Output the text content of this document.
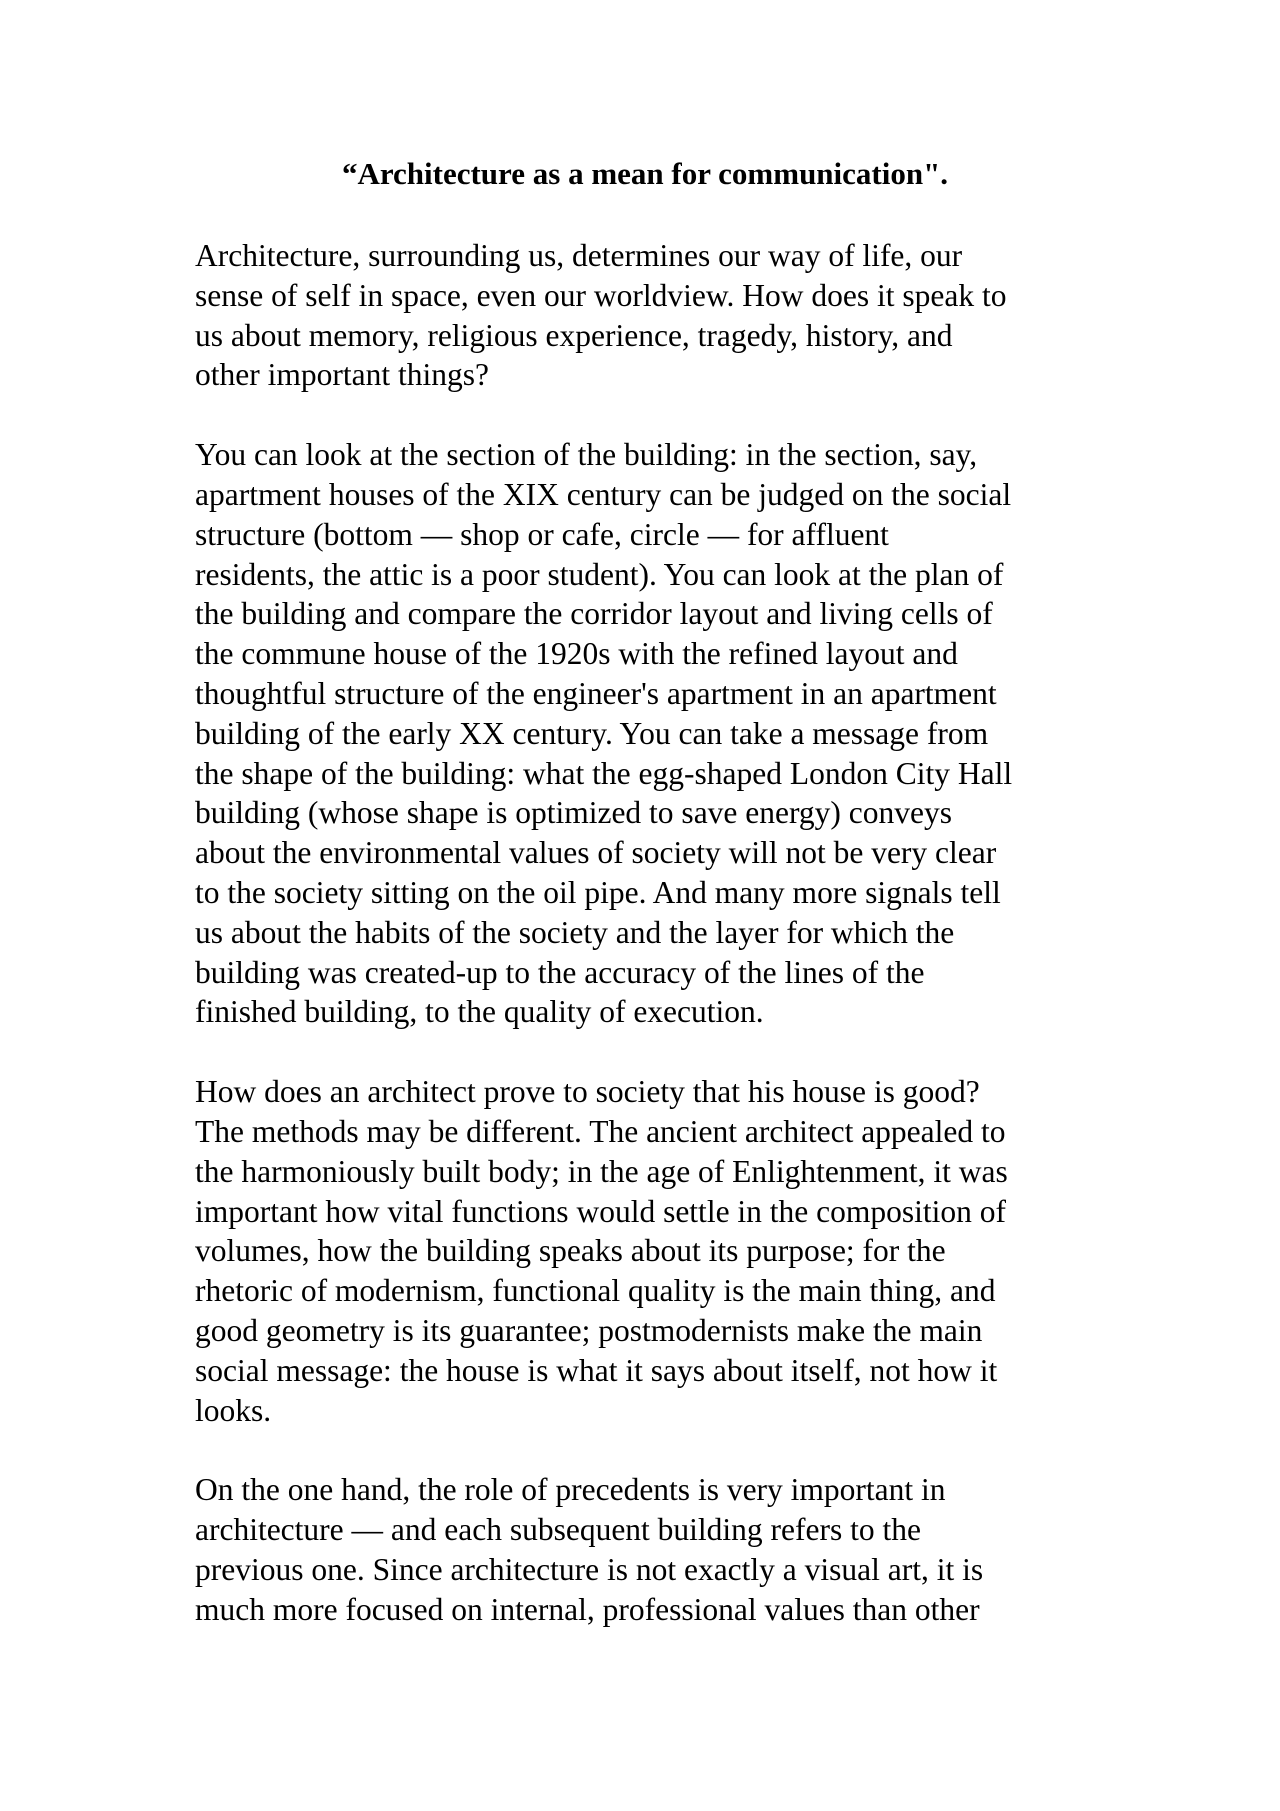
“Architecture as a mean for communication".

Architecture, surrounding us, determines our way of life, our
sense of self in space, even our worldview. How does it speak to
us about memory, religious experience, tragedy, history, and
other important things?

You can look at the section of the building: in the section, say,
apartment houses of the XIX century can be judged on the social
structure (bottom — shop or cafe, circle — for affluent
residents, the attic is a poor student). You can look at the plan of
the building and compare the corridor layout and living cells of
the commune house of the 1920s with the refined layout and
thoughtful structure of the engineer's apartment in an apartment
building of the early XX century. You can take a message from
the shape of the building: what the egg-shaped London City Hall
building (whose shape is optimized to save energy) conveys
about the environmental values of society will not be very clear
to the society sitting on the oil pipe. And many more signals tell
us about the habits of the society and the layer for which the
building was created-up to the accuracy of the lines of the
finished building, to the quality of execution.

How does an architect prove to society that his house is good?
The methods may be different. The ancient architect appealed to
the harmoniously built body; in the age of Enlightenment, it was
important how vital functions would settle in the composition of
volumes, how the building speaks about its purpose; for the
rhetoric of modernism, functional quality is the main thing, and
good geometry is its guarantee; postmodernists make the main
social message: the house is what it says about itself, not how it
looks.

On the one hand, the role of precedents is very important in
architecture — and each subsequent building refers to the
previous one. Since architecture is not exactly a visual art, it is
much more focused on internal, professional values than other
